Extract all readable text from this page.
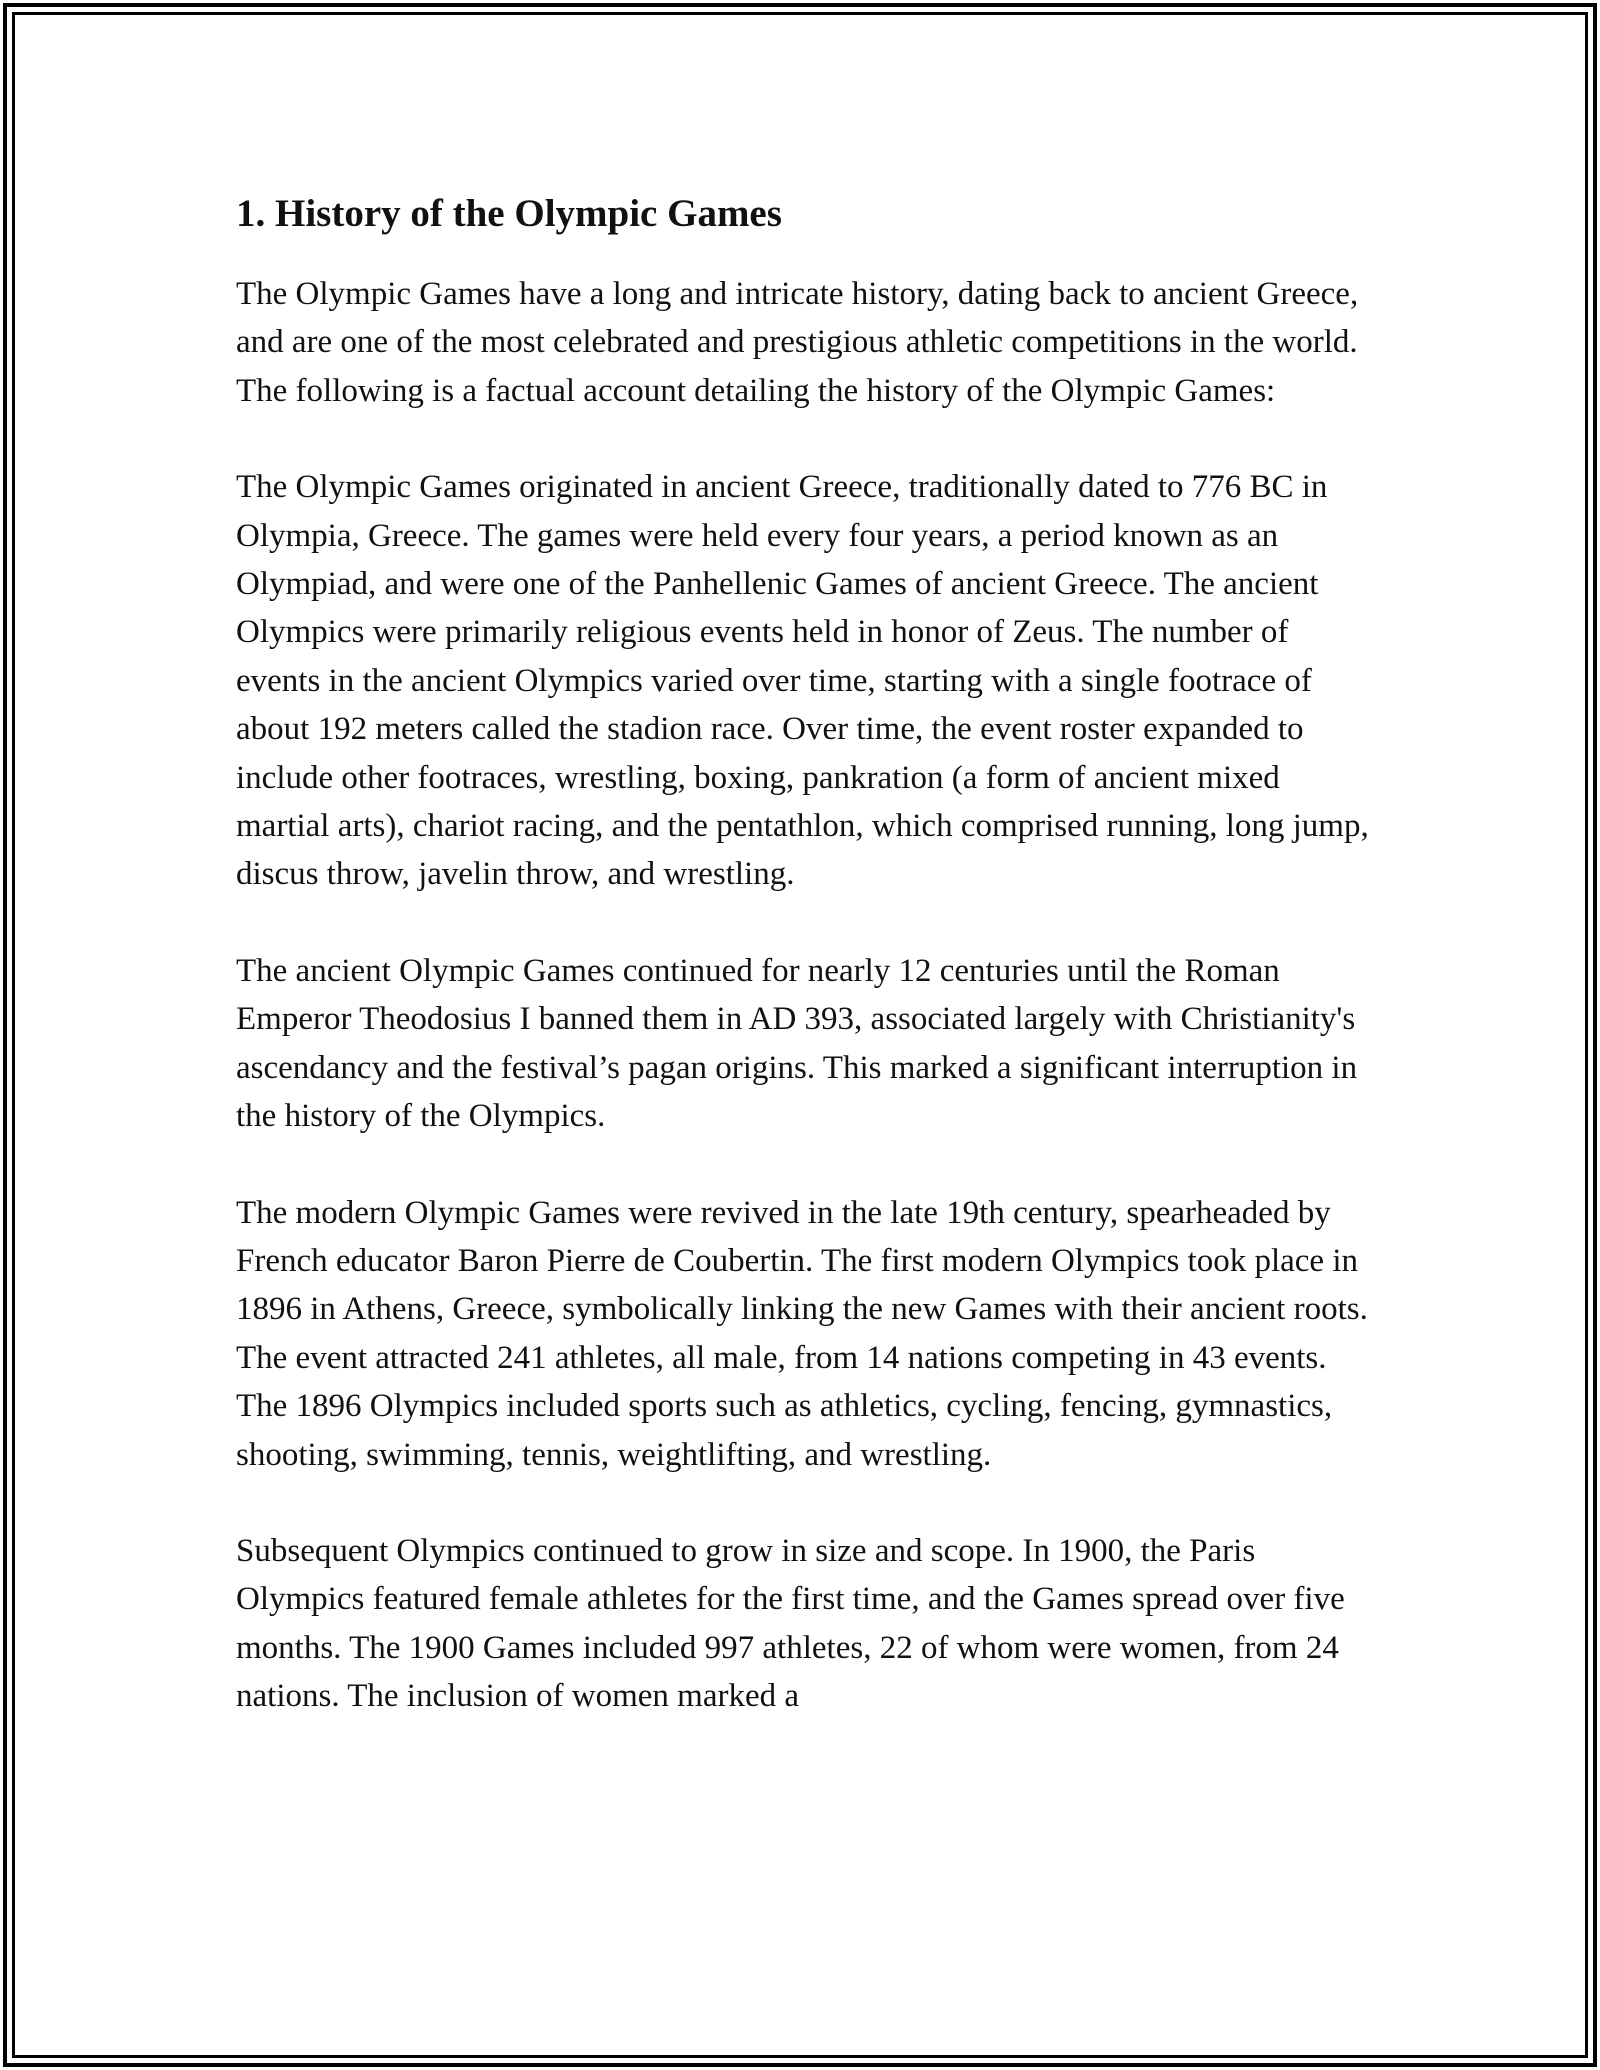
1. History of the Olympic Games

The Olympic Games have a long and intricate history, dating back to ancient Greece, and are one of the most celebrated and prestigious athletic competitions in the world. The following is a factual account detailing the history of the Olympic Games:

The Olympic Games originated in ancient Greece, traditionally dated to 776 BC in Olympia, Greece. The games were held every four years, a period known as an Olympiad, and were one of the Panhellenic Games of ancient Greece. The ancient Olympics were primarily religious events held in honor of Zeus. The number of events in the ancient Olympics varied over time, starting with a single footrace of about 192 meters called the stadion race. Over time, the event roster expanded to include other footraces, wrestling, boxing, pankration (a form of ancient mixed martial arts), chariot racing, and the pentathlon, which comprised running, long jump, discus throw, javelin throw, and wrestling.

The ancient Olympic Games continued for nearly 12 centuries until the Roman Emperor Theodosius I banned them in AD 393, associated largely with Christianity's ascendancy and the festival’s pagan origins. This marked a significant interruption in the history of the Olympics.

The modern Olympic Games were revived in the late 19th century, spearheaded by French educator Baron Pierre de Coubertin. The first modern Olympics took place in 1896 in Athens, Greece, symbolically linking the new Games with their ancient roots. The event attracted 241 athletes, all male, from 14 nations competing in 43 events. The 1896 Olympics included sports such as athletics, cycling, fencing, gymnastics, shooting, swimming, tennis, weightlifting, and wrestling.

Subsequent Olympics continued to grow in size and scope. In 1900, the Paris Olympics featured female athletes for the first time, and the Games spread over five months. The 1900 Games included 997 athletes, 22 of whom were women, from 24 nations. The inclusion of women marked a
